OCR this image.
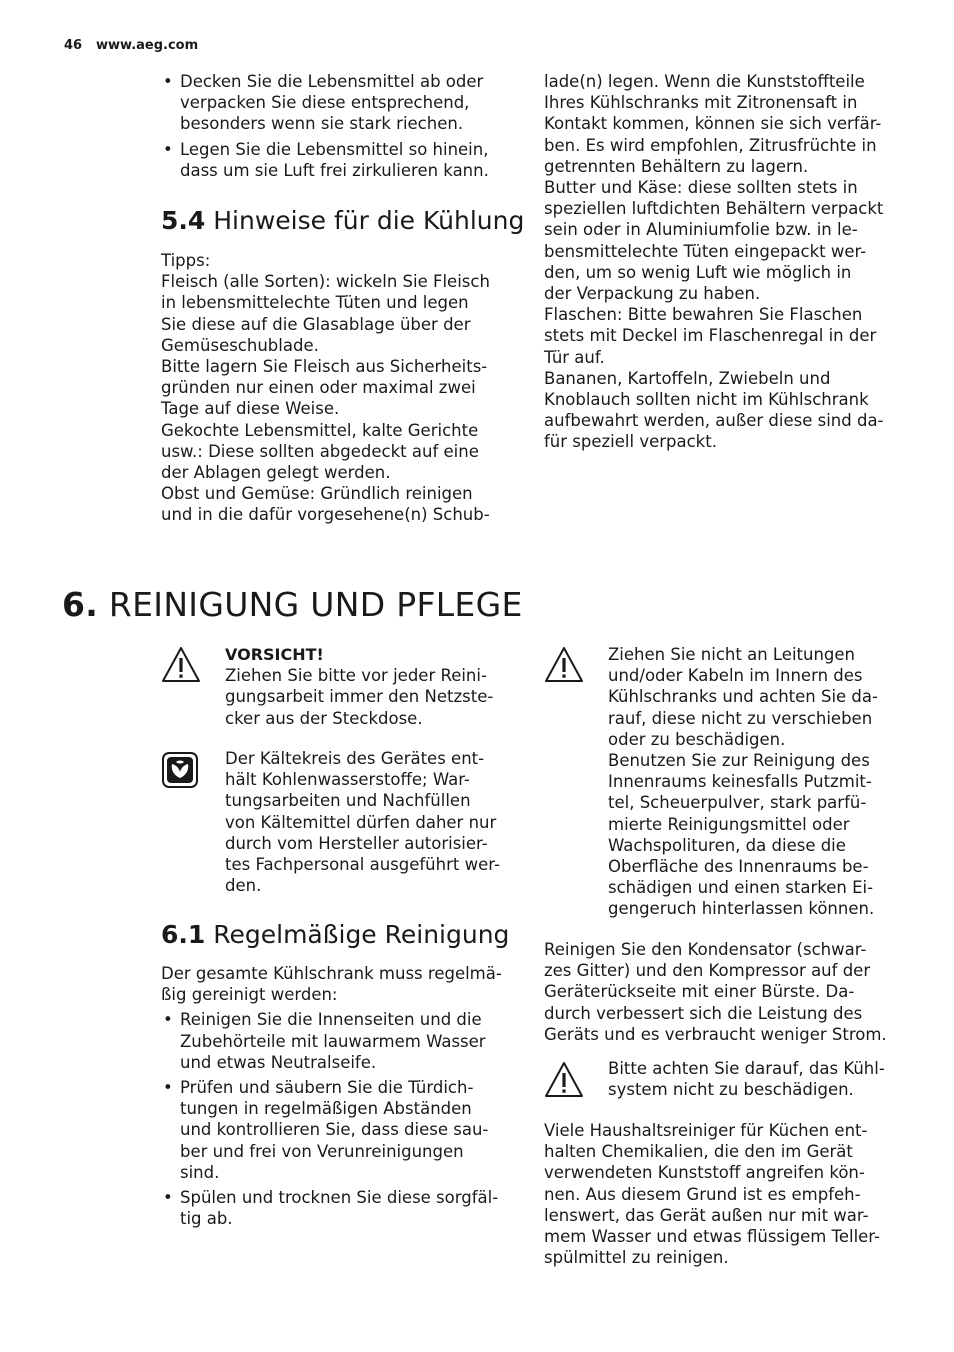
46 www.aeg.com
• Decken Sie die Lebensmittel ab oder
verpacken Sie diese entsprechend,
besonders wenn sie stark riechen.
• Legen Sie die Lebensmittel so hinein,
dass um sie Luft frei zirkulieren kann.
5.4 Hinweise für die Kühlung

Tipps:

Fleisch (alle Sorten): wickeln Sie Fleisch

in lebensmittelechte Tüten und legen

Sie diese auf die Glasablage über der

Gemüseschublade.

Bitte lagern Sie Fleisch aus Sicherheits-

gründen nur einen oder maximal zwei

Tage auf diese Weise.

Gekochte Lebensmittel, kalte Gerichte

usw.: Diese sollten abgedeckt auf eine

der Ablagen gelegt werden.

Obst und Gemüse: Gründlich reinigen

und in die dafür vorgesehene(n) Schub-

lade(n) legen. Wenn die Kunststoffteile

Ihres Kühlschranks mit Zitronensaft in

Kontakt kommen, können sie sich verfär-

ben. Es wird empfohlen, Zitrusfrüchte in

getrennten Behältern zu lagern.

Butter und Käse: diese sollten stets in

speziellen luftdichten Behältern verpackt

sein oder in Aluminiumfolie bzw. in le-

bensmittelechte Tüten eingepackt wer-

den, um so wenig Luft wie möglich in

der Verpackung zu haben.

Flaschen: Bitte bewahren Sie Flaschen

stets mit Deckel im Flaschenregal in der

Tür auf.

Bananen, Kartoffeln, Zwiebeln und

Knoblauch sollten nicht im Kühlschrank

aufbewahrt werden, außer diese sind da-

für speziell verpackt.

6. REINIGUNG UND PFLEGE

VORSICHT!

Ziehen Sie bitte vor jeder Reini-

gungsarbeit immer den Netzste-

cker aus der Steckdose.

Der Kältekreis des Gerätes ent-

hält Kohlenwasserstoffe; War-

tungsarbeiten und Nachfüllen

von Kältemittel dürfen daher nur

durch vom Hersteller autorisier-

tes Fachpersonal ausgeführt wer-

den.

6.1 Regelmäßige Reinigung

Der gesamte Kühlschrank muss regelmä-

ßig gereinigt werden:

• Reinigen Sie die Innenseiten und die

Zubehörteile mit lauwarmem Wasser

und etwas Neutralseife.

• Prüfen und säubern Sie die Türdich-

tungen in regelmäßigen Abständen

und kontrollieren Sie, dass diese sau-

ber und frei von Verunreinigungen

sind.

• Spülen und trocknen Sie diese sorgfäl-

tig ab.

Ziehen Sie nicht an Leitungen

und/oder Kabeln im Innern des

Kühlschranks und achten Sie da-

rauf, diese nicht zu verschieben

oder zu beschädigen.

Benutzen Sie zur Reinigung des

Innenraums keinesfalls Putzmit-

tel, Scheuerpulver, stark parfü-

mierte Reinigungsmittel oder

Wachspolituren, da diese die

Oberfläche des Innenraums be-

schädigen und einen starken Ei-

gengeruch hinterlassen können.

Reinigen Sie den Kondensator (schwar-

zes Gitter) und den Kompressor auf der

Geräterückseite mit einer Bürste. Da-

durch verbessert sich die Leistung des

Geräts und es verbraucht weniger Strom.

Bitte achten Sie darauf, das Kühl-

system nicht zu beschädigen.

Viele Haushaltsreiniger für Küchen ent-

halten Chemikalien, die den im Gerät

verwendeten Kunststoff angreifen kön-

nen. Aus diesem Grund ist es empfeh-

lenswert, das Gerät außen nur mit war-

mem Wasser und etwas flüssigem Teller-

spülmittel zu reinigen.
